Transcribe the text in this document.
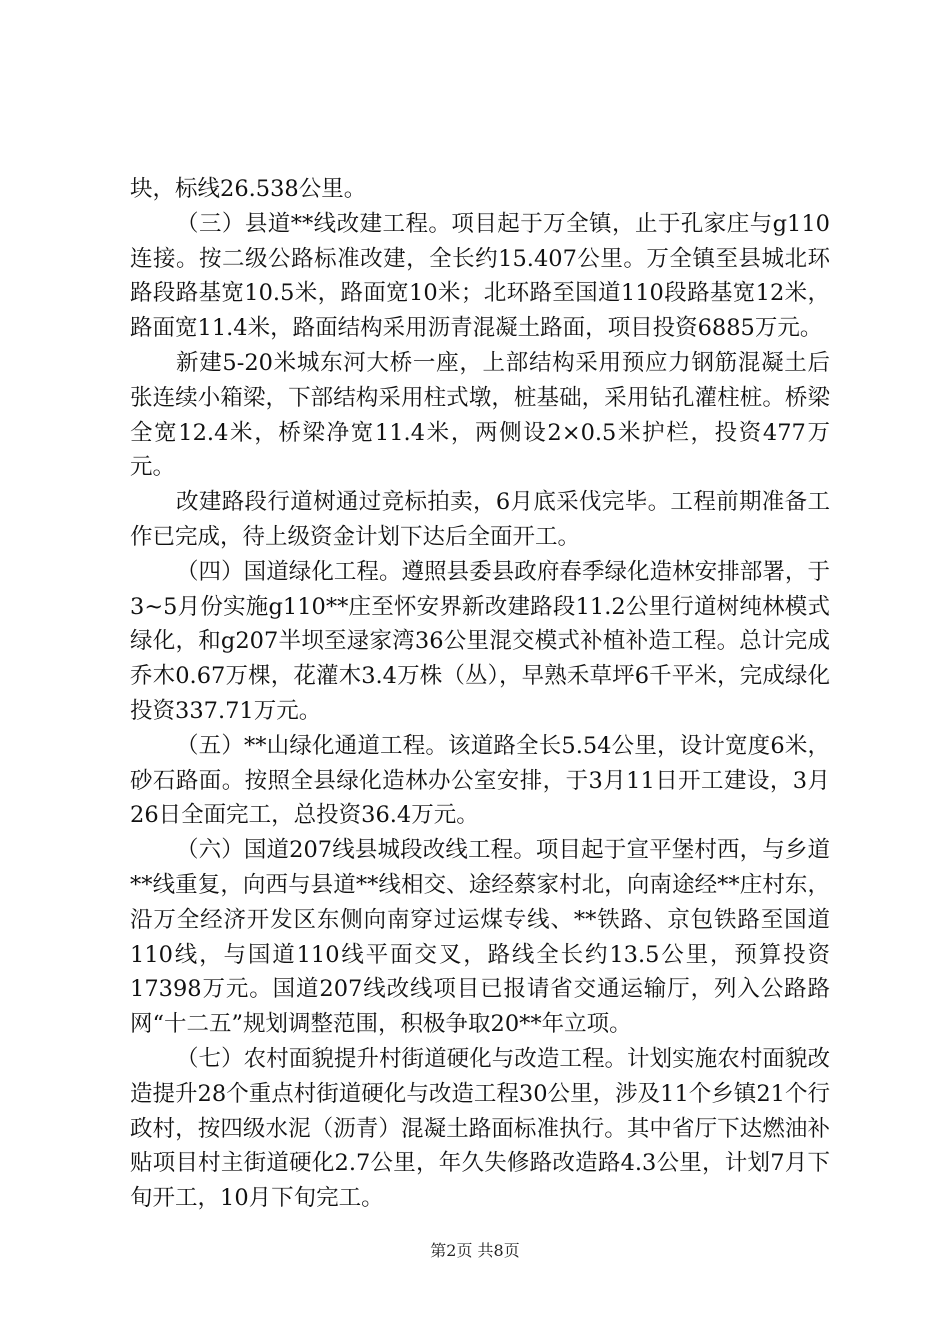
块，标线26.538公里。

（三）县道**线改建工程。项目起于万全镇，止于孔家庄与g110连接。按二级公路标准改建，全长约15.407公里。万全镇至县城北环路段路基宽10.5米，路面宽10米；北环路至国道110段路基宽12米，路面宽11.4米，路面结构采用沥青混凝土路面，项目投资6885万元。

新建5-20米城东河大桥一座，上部结构采用预应力钢筋混凝土后张连续小箱梁，下部结构采用柱式墩，桩基础，采用钻孔灌柱桩。桥梁全宽12.4米，桥梁净宽11.4米，两侧设2×0.5米护栏，投资477万元。

改建路段行道树通过竞标拍卖，6月底采伐完毕。工程前期准备工作已完成，待上级资金计划下达后全面开工。

（四）国道绿化工程。遵照县委县政府春季绿化造林安排部署，于3~5月份实施g110**庄至怀安界新改建路段11.2公里行道树纯林模式绿化，和g207半坝至逯家湾36公里混交模式补植补造工程。总计完成乔木0.67万棵，花灌木3.4万株（丛），早熟禾草坪6千平米，完成绿化投资337.71万元。

（五）**山绿化通道工程。该道路全长5.54公里，设计宽度6米，砂石路面。按照全县绿化造林办公室安排，于3月11日开工建设，3月26日全面完工，总投资36.4万元。

（六）国道207线县城段改线工程。项目起于宣平堡村西，与乡道**线重复，向西与县道**线相交、途经蔡家村北，向南途经**庄村东，沿万全经济开发区东侧向南穿过运煤专线、**铁路、京包铁路至国道110线，与国道110线平面交叉，路线全长约13.5公里，预算投资17398万元。国道207线改线项目已报请省交通运输厅，列入公路路网“十二五”规划调整范围，积极争取20**年立项。

（七）农村面貌提升村街道硬化与改造工程。计划实施农村面貌改造提升28个重点村街道硬化与改造工程30公里，涉及11个乡镇21个行政村，按四级水泥（沥青）混凝土路面标准执行。其中省厅下达燃油补贴项目村主街道硬化2.7公里，年久失修路改造路4.3公里，计划7月下旬开工，10月下旬完工。

第2页 共8页
